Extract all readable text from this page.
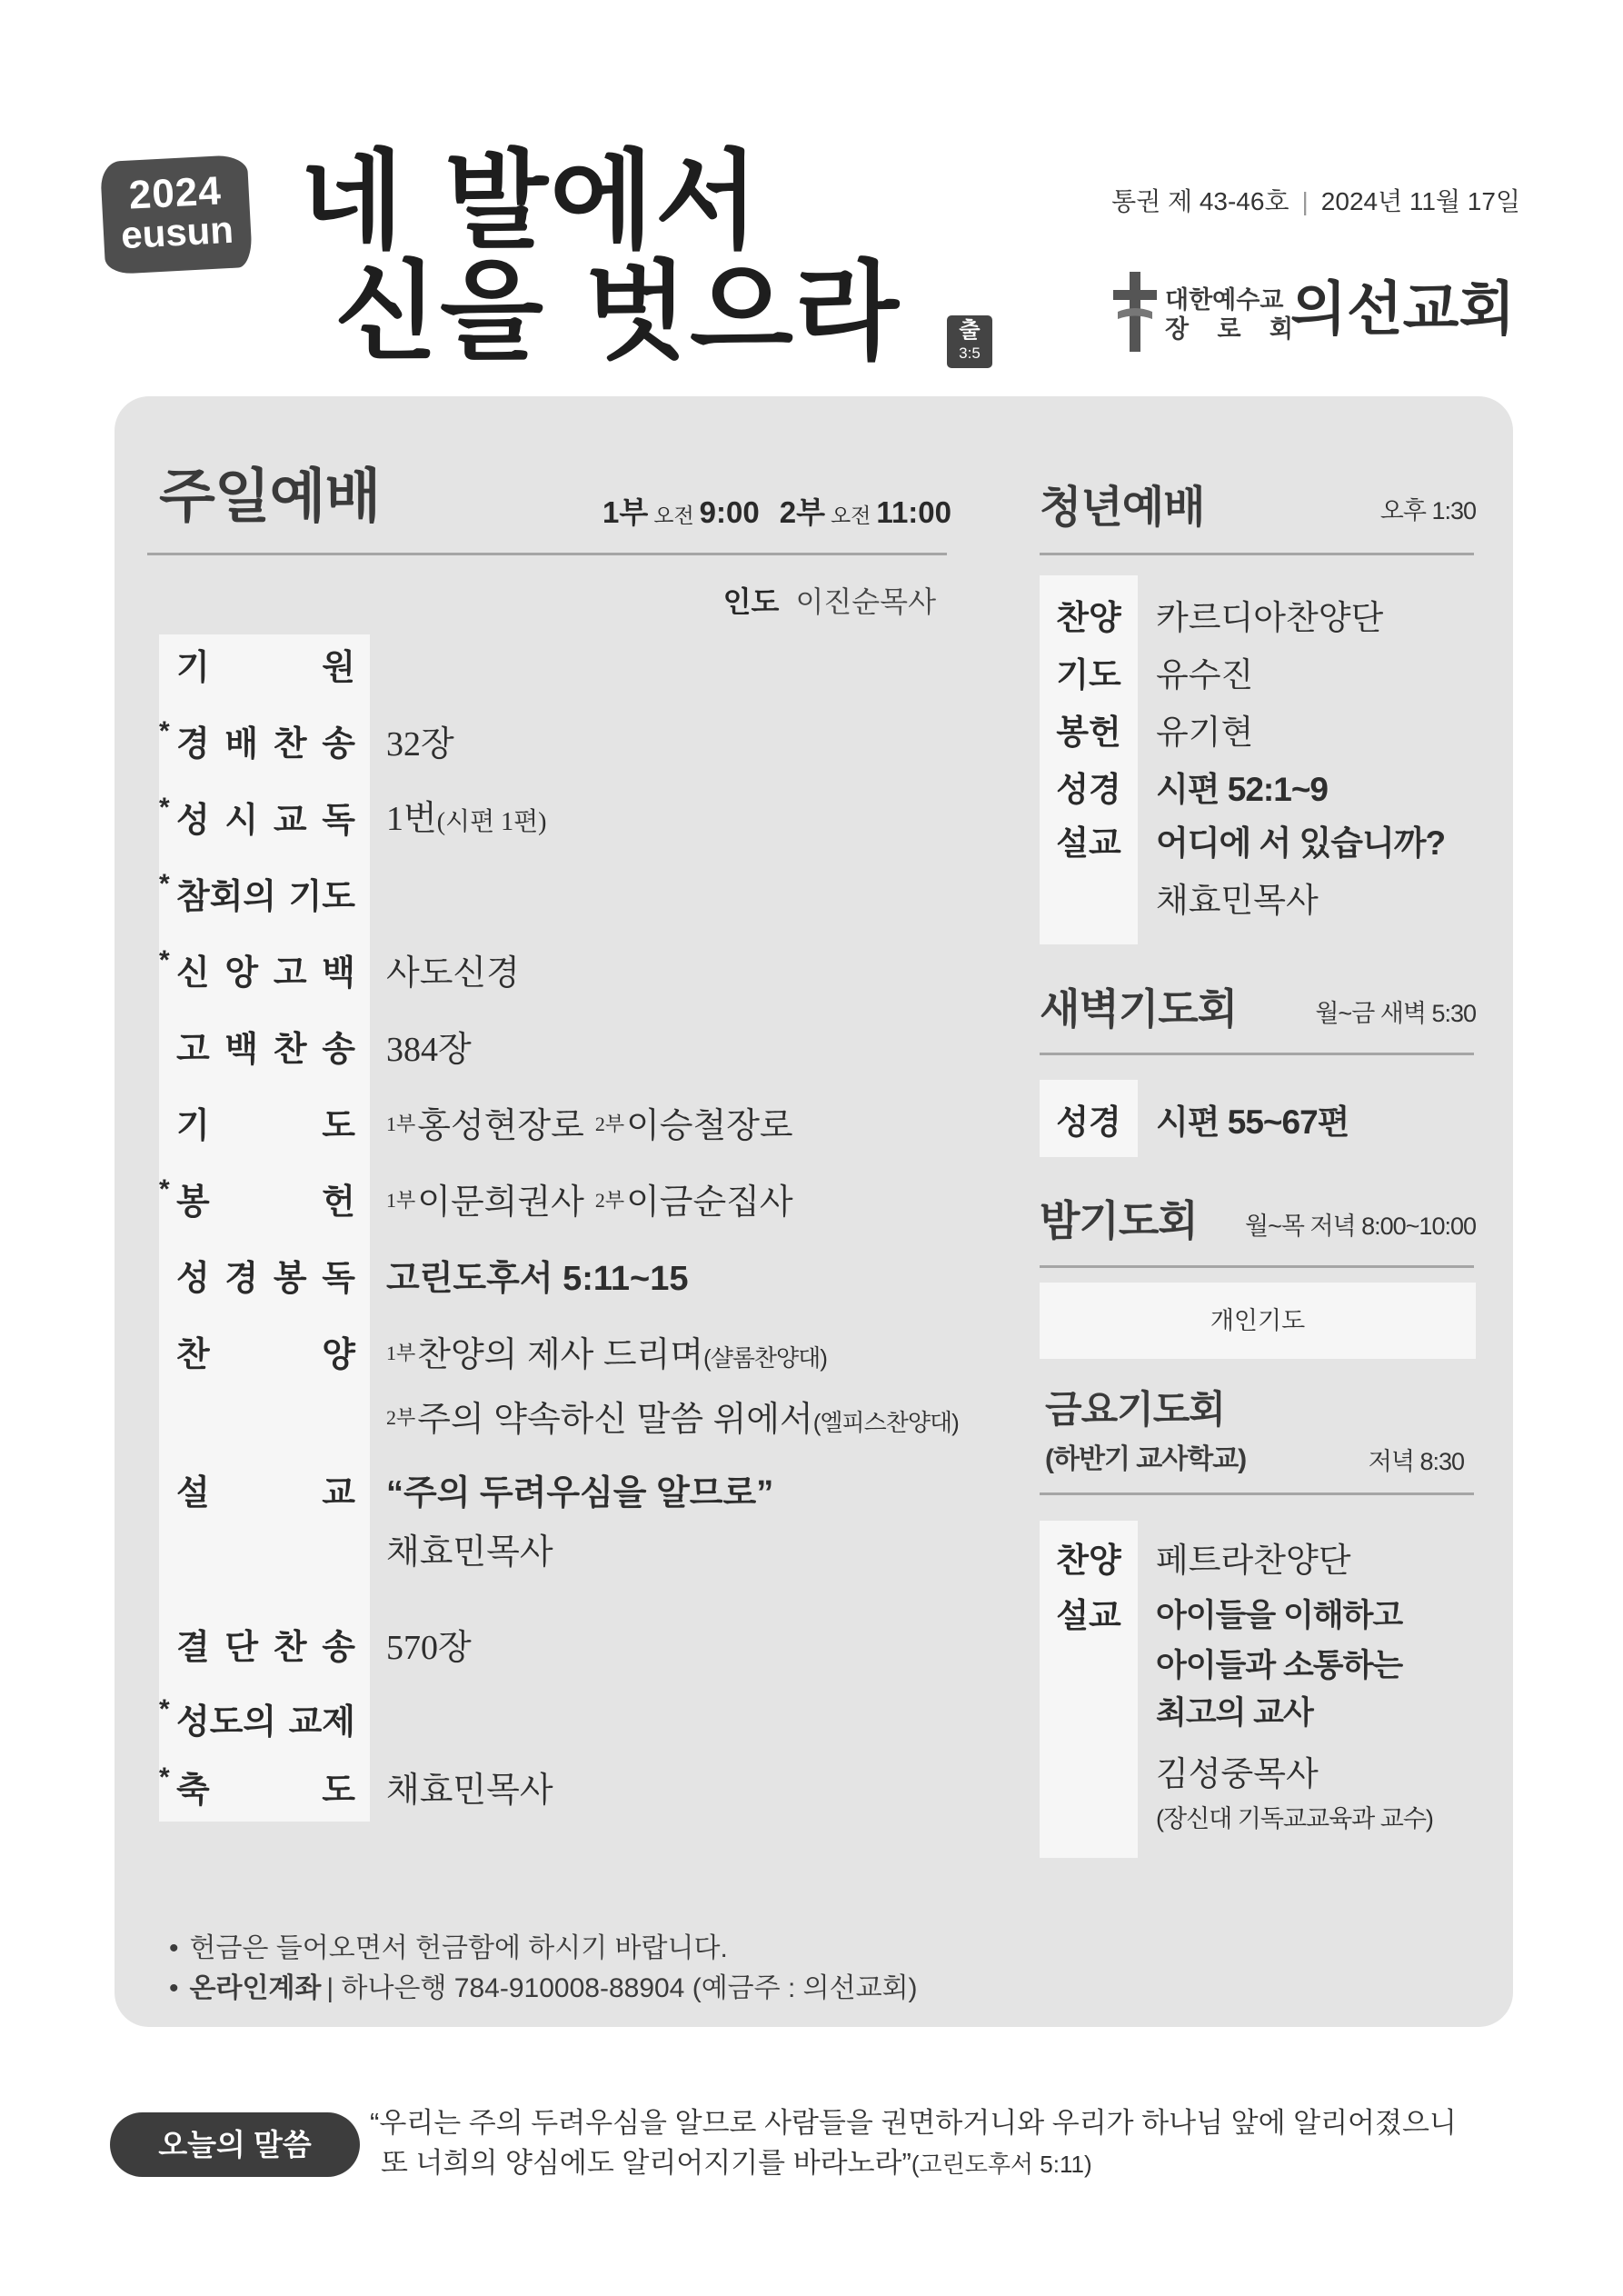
2024
eusun 네 발에서
신을 벗으라	출
3:5
통권 제 43-46호 | 2024년 11월 17일
대한예수교
장 로 회
의선교회
주일예배	1부 오전 9:00 2부 오전 11:00
인도 이진순목사
기 원
* 경 배 찬 송 32장
* 성 시 교 독 1번(시편 1편)
* 참회의 기도
* 신 앙 고 백 사도신경
고 백 찬 송 384장
기 도	$^{1부}$홍성현장로 $^{2부}$이승철장로
* 봉 헌	$^{1부}$이문희권사 $^{2부}$이금순집사
성 경 봉 독 고린도후서 5:11~15
찬 양	$^{1부}$찬양의 제사 드리며(샬롬찬양대)
$^{2부}$주의 약속하신 말씀 위에서(엘피스찬양대)
설 교 “주의 두려우심을 알므로”
채효민목사
결 단 찬 송 570장
* 성도의 교제
* 축 도 채효민목사
• 헌금은 들어오면서 헌금함에 하시기 바랍니다.
• 온라인계좌 | 하나은행 784-910008-88904 (예금주 : 의선교회)
청년예배	오후 1:30
찬양	카르디아찬양단
기도	유수진
봉헌	유기현
성경	시편 52:1~9
설교	어디에 서 있습니까?
채효민목사
새벽기도회	월~금 새벽 5:30
성경	시편 55~67편
밤기도회 월~목 저녁 8:00~10:00
개인기도
금요기도회
(하반기 교사학교)	저녁 8:30
찬양	페트라찬양단
설교	아이들을 이해하고
아이들과 소통하는
최고의 교사
김성중목사
(장신대 기독교교육과 교수)
오늘의 말씀
“우리는 주의 두려우심을 알므로 사람들을 권면하거니와 우리가 하나님 앞에 알리어졌으니
또 너희의 양심에도 알리어지기를 바라노라”(고린도후서 5:11)
